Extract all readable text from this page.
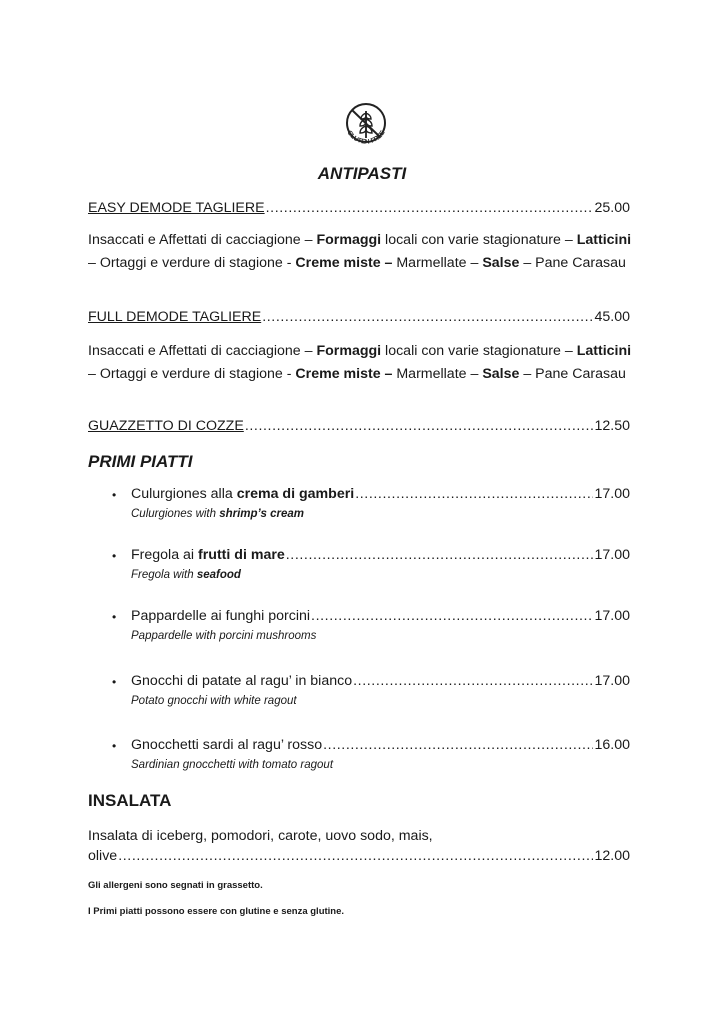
GLUTEN FREE
ANTIPASTI
EASY DEMODE TAGLIERE .....	25.00
Insaccati e Affettati di cacciagione – Formaggi locali con varie stagionature – Latticini – Ortaggi e verdure di stagione - Creme miste – Marmellate – Salse – Pane Carasau
FULL DEMODE TAGLIERE .....	45.00
Insaccati e Affettati di cacciagione – Formaggi locali con varie stagionature – Latticini – Ortaggi e verdure di stagione - Creme miste – Marmellate – Salse – Pane Carasau
GUAZZETTO DI COZZE .....	12.50
PRIMI PIATTI
• Culurgiones alla crema di gamberi .....	17.00
Culurgiones with shrimp’s cream
• Fregola ai frutti di mare .....	17.00
Fregola with seafood
• Pappardelle ai funghi porcini .....	17.00
Pappardelle with porcini mushrooms
• Gnocchi di patate al ragu’ in bianco .....	17.00
Potato gnocchi with white ragout
• Gnocchetti sardi al ragu’ rosso .....	16.00
Sardinian gnocchetti with tomato ragout
INSALATA
Insalata di iceberg, pomodori, carote, uovo sodo, mais,
olive .....	12.00
Gli allergeni sono segnati in grassetto.
I Primi piatti possono essere con glutine e senza glutine.
